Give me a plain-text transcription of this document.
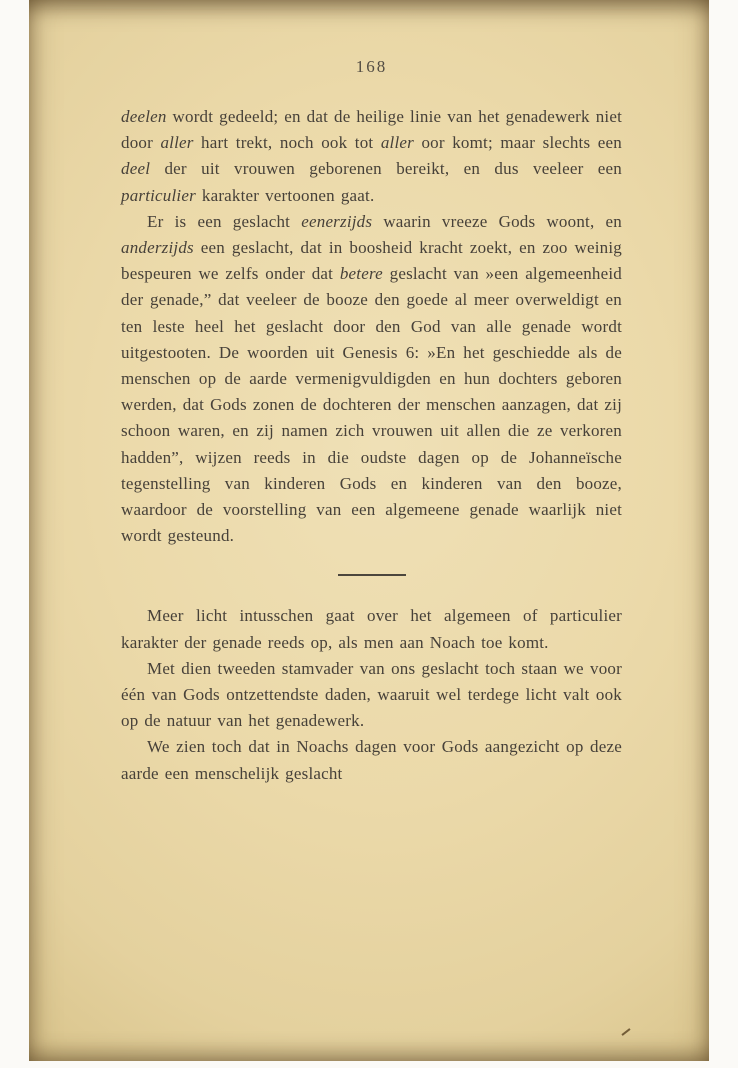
168

deelen wordt gedeeld; en dat de heilige linie van het genadewerk niet door aller hart trekt, noch ook tot aller oor komt; maar slechts een deel der uit vrouwen geborenen bereikt, en dus veeleer een particulier karakter vertoonen gaat.

Er is een geslacht eenerzijds waarin vreeze Gods woont, en anderzijds een geslacht, dat in boosheid kracht zoekt, en zoo weinig bespeuren we zelfs onder dat betere geslacht van »een algemeenheid der genade,” dat veeleer de booze den goede al meer overweldigt en ten leste heel het geslacht door den God van alle genade wordt uitgestooten. De woorden uit Genesis 6: »En het geschiedde als de menschen op de aarde vermenigvuldigden en hun dochters geboren werden, dat Gods zonen de dochteren der menschen aanzagen, dat zij schoon waren, en zij namen zich vrouwen uit allen die ze verkoren hadden”, wijzen reeds in die oudste dagen op de Johanneïsche tegenstelling van kinderen Gods en kinderen van den booze, waardoor de voorstelling van een algemeene genade waarlijk niet wordt gesteund.

Meer licht intusschen gaat over het algemeen of particulier karakter der genade reeds op, als men aan Noach toe komt.

Met dien tweeden stamvader van ons geslacht toch staan we voor één van Gods ontzettendste daden, waaruit wel terdege licht valt ook op de natuur van het genadewerk.

We zien toch dat in Noachs dagen voor Gods aangezicht op deze aarde een menschelijk geslacht
